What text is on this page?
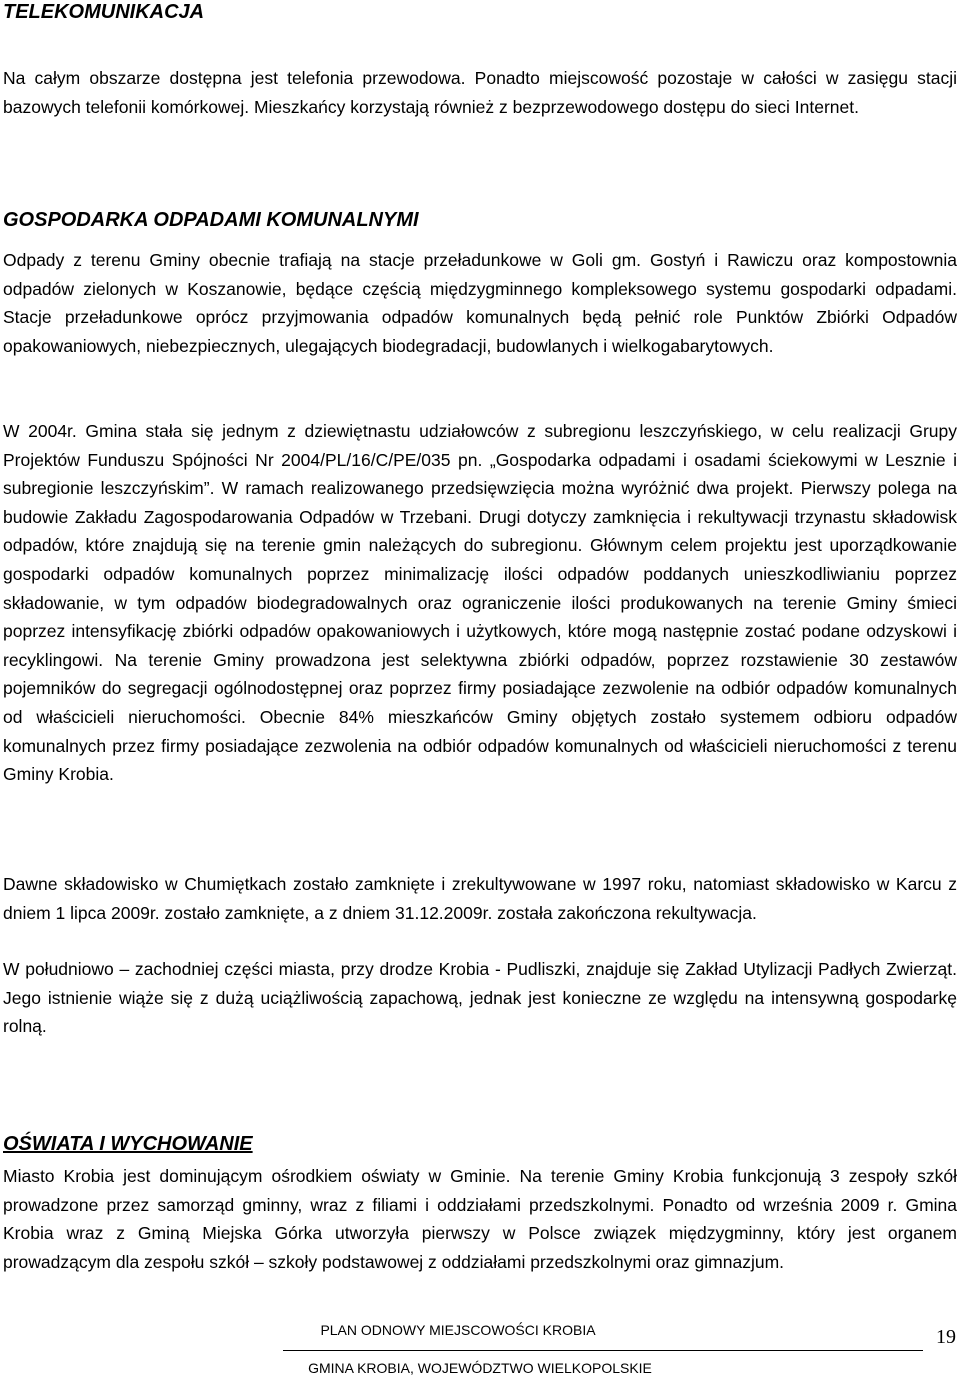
TELEKOMUNIKACJA

Na całym obszarze dostępna jest telefonia przewodowa. Ponadto miejscowość pozostaje w całości w zasięgu stacji bazowych telefonii komórkowej. Mieszkańcy korzystają również z bezprzewodowego dostępu do sieci Internet.

GOSPODARKA ODPADAMI KOMUNALNYMI

Odpady z terenu Gminy obecnie trafiają na stacje przeładunkowe w Goli gm. Gostyń i Rawiczu oraz kompostownia odpadów zielonych w Koszanowie, będące częścią międzygminnego kompleksowego systemu gospodarki odpadami. Stacje przeładunkowe oprócz przyjmowania odpadów komunalnych będą pełnić role Punktów Zbiórki Odpadów opakowaniowych, niebezpiecznych, ulegających biodegradacji, budowlanych i wielkogabarytowych.

W 2004r. Gmina stała się jednym z dziewiętnastu udziałowców z subregionu leszczyńskiego, w celu realizacji Grupy Projektów Funduszu Spójności Nr 2004/PL/16/C/PE/035 pn. „Gospodarka odpadami i osadami ściekowymi w Lesznie i subregionie leszczyńskim”. W ramach realizowanego przedsięwzięcia można wyróżnić dwa projekt. Pierwszy polega na budowie Zakładu Zagospodarowania Odpadów w Trzebani. Drugi dotyczy zamknięcia i rekultywacji trzynastu składowisk odpadów, które znajdują się na terenie gmin należących do subregionu. Głównym celem projektu jest uporządkowanie gospodarki odpadów komunalnych poprzez minimalizację ilości odpadów poddanych unieszkodliwianiu poprzez składowanie, w tym odpadów biodegradowalnych oraz ograniczenie ilości produkowanych na terenie Gminy śmieci poprzez intensyfikację zbiórki odpadów opakowaniowych i użytkowych, które mogą następnie zostać podane odzyskowi i recyklingowi. Na terenie Gminy prowadzona jest selektywna zbiórki odpadów, poprzez rozstawienie 30 zestawów pojemników do segregacji ogólnodostępnej oraz poprzez firmy posiadające zezwolenie na odbiór odpadów komunalnych od właścicieli nieruchomości. Obecnie 84% mieszkańców Gminy objętych zostało systemem odbioru odpadów komunalnych przez firmy posiadające zezwolenia na odbiór odpadów komunalnych od właścicieli nieruchomości z terenu Gminy Krobia.

Dawne składowisko w Chumiętkach zostało zamknięte i zrekultywowane w 1997 roku, natomiast składowisko w Karcu z dniem 1 lipca 2009r. zostało zamknięte, a z dniem 31.12.2009r. została zakończona rekultywacja.

W południowo – zachodniej części miasta, przy drodze Krobia - Pudliszki, znajduje się Zakład Utylizacji Padłych Zwierząt. Jego istnienie wiąże się z dużą uciążliwością zapachową, jednak jest konieczne ze względu na intensywną gospodarkę rolną.

OŚWIATA I WYCHOWANIE

Miasto Krobia jest dominującym ośrodkiem oświaty w Gminie. Na terenie Gminy Krobia funkcjonują 3 zespoły szkół prowadzone przez samorząd gminny, wraz z filiami i oddziałami przedszkolnymi. Ponadto od września 2009 r. Gmina Krobia wraz z Gminą Miejska Górka utworzyła pierwszy w Polsce związek międzygminny, który jest organem prowadzącym dla zespołu szkół – szkoły podstawowej z oddziałami przedszkolnymi oraz gimnazjum.

PLAN ODNOWY MIEJSCOWOŚCI KROBIA	19
GMINA KROBIA, WOJEWÓDZTWO WIELKOPOLSKIE
